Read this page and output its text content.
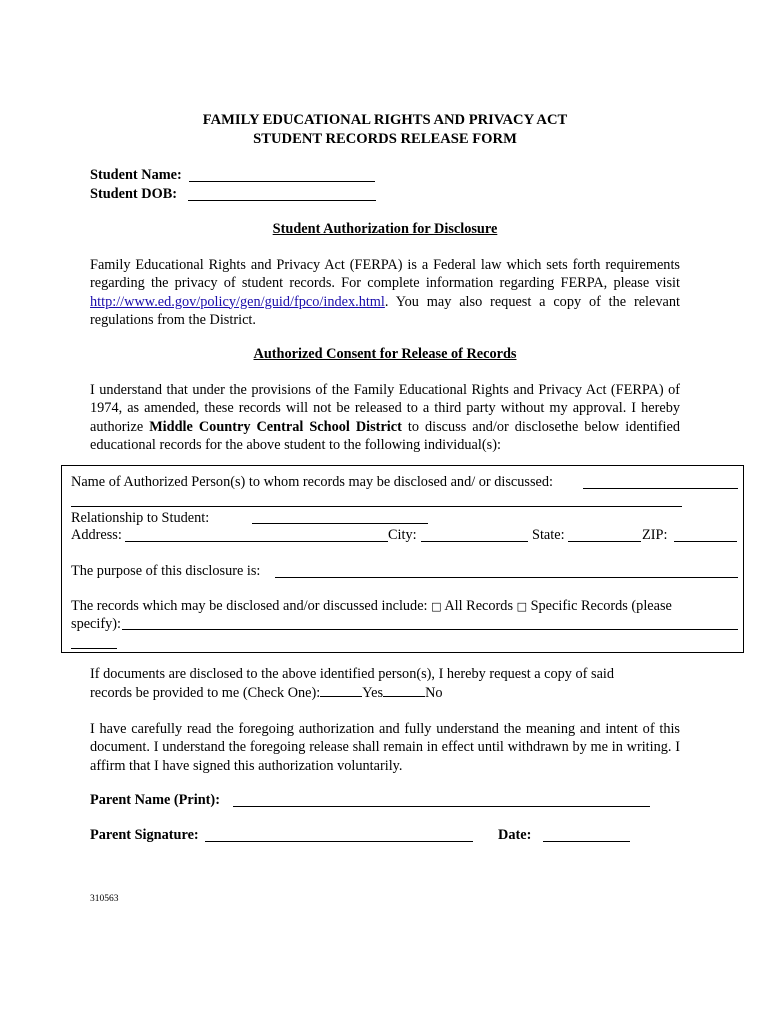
FAMILY EDUCATIONAL RIGHTS AND PRIVACY ACT
STUDENT RECORDS RELEASE FORM
Student Name:
Student DOB:
Student Authorization for Disclosure
Family Educational Rights and Privacy Act (FERPA) is a Federal law which sets forth requirements regarding the privacy of student records. For complete information regarding FERPA, please visit http://www.ed.gov/policy/gen/guid/fpco/index.html. You may also request a copy of the relevant regulations from the District.
Authorized Consent for Release of Records
I understand that under the provisions of the Family Educational Rights and Privacy Act (FERPA) of 1974, as amended, these records will not be released to a third party without my approval. I hereby authorize Middle Country Central School District to discuss and/or disclosethe below identified educational records for the above student to the following individual(s):
Name of Authorized Person(s) to whom records may be disclosed and/ or discussed:
Relationship to Student:
Address:	City:	State:	ZIP:
The purpose of this disclosure is:
The records which may be disclosed and/or discussed include: □ All Records □ Specific Records (please
specify):
If documents are disclosed to the above identified person(s), I hereby request a copy of said
records be provided to me (Check One):	Yes	No
I have carefully read the foregoing authorization and fully understand the meaning and intent of this document. I understand the foregoing release shall remain in effect until withdrawn by me in writing. I affirm that I have signed this authorization voluntarily.
Parent Name (Print):
Parent Signature:	Date:
310563
